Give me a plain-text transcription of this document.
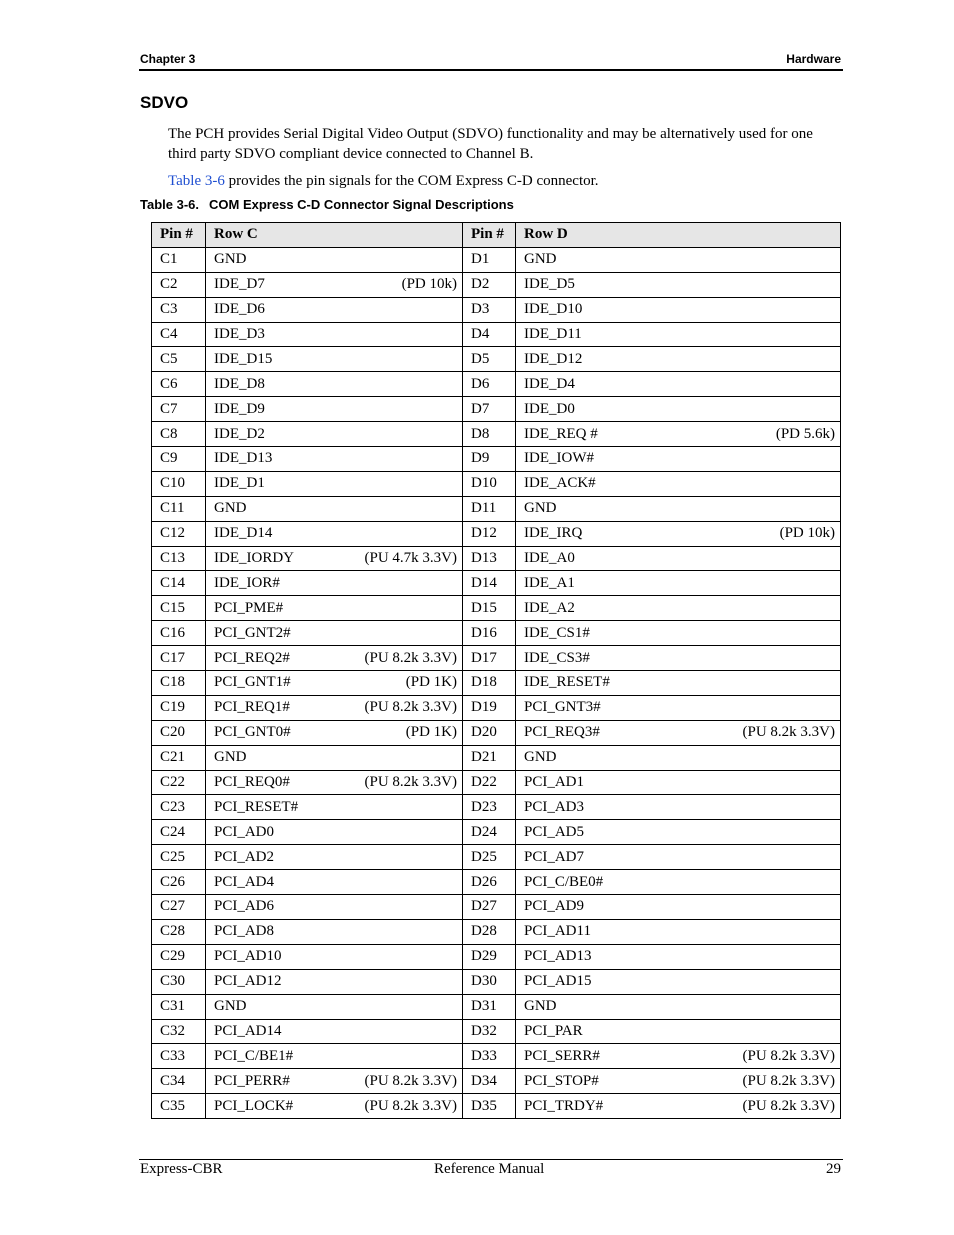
Chapter 3	Hardware
SDVO
The PCH provides Serial Digital Video Output (SDVO) functionality and may be alternatively used for one third party SDVO compliant device connected to Channel B.
Table 3-6 provides the pin signals for the COM Express C-D connector.
Table 3-6. COM Express C-D Connector Signal Descriptions
Pin #	Row C	Pin #	Row D
C1	GND	D1	GND

C2	IDE_D7 (PD 10k)	D2	IDE_D5

C3	IDE_D6	D3	IDE_D10

C4	IDE_D3	D4	IDE_D11

C5	IDE_D15	D5	IDE_D12

C6	IDE_D8	D6	IDE_D4

C7	IDE_D9	D7	IDE_D0

C8	IDE_D2	D8	IDE_REQ # (PD 5.6k)

C9	IDE_D13	D9	IDE_IOW#

C10	IDE_D1	D10	IDE_ACK#

C11	GND	D11	GND

C12	IDE_D14	D12	IDE_IRQ (PD 10k)

C13	IDE_IORDY (PU 4.7k 3.3V)	D13	IDE_A0

C14	IDE_IOR#	D14	IDE_A1

C15	PCI_PME#	D15	IDE_A2

C16	PCI_GNT2#	D16	IDE_CS1#

C17	PCI_REQ2# (PU 8.2k 3.3V)	D17	IDE_CS3#

C18	PCI_GNT1# (PD 1K)	D18	IDE_RESET#

C19	PCI_REQ1# (PU 8.2k 3.3V)	D19	PCI_GNT3#

C20	PCI_GNT0# (PD 1K)	D20	PCI_REQ3# (PU 8.2k 3.3V)

C21	GND	D21	GND

C22	PCI_REQ0# (PU 8.2k 3.3V)	D22	PCI_AD1

C23	PCI_RESET#	D23	PCI_AD3

C24	PCI_AD0	D24	PCI_AD5

C25	PCI_AD2	D25	PCI_AD7

C26	PCI_AD4	D26	PCI_C/BE0#

C27	PCI_AD6	D27	PCI_AD9

C28	PCI_AD8	D28	PCI_AD11

C29	PCI_AD10	D29	PCI_AD13

C30	PCI_AD12	D30	PCI_AD15

C31	GND	D31	GND

C32	PCI_AD14	D32	PCI_PAR

C33	PCI_C/BE1#	D33	PCI_SERR# (PU 8.2k 3.3V)

C34	PCI_PERR# (PU 8.2k 3.3V)	D34	PCI_STOP# (PU 8.2k 3.3V)

C35	PCI_LOCK# (PU 8.2k 3.3V)	D35	PCI_TRDY# (PU 8.2k 3.3V)
Express-CBR	Reference Manual	29
